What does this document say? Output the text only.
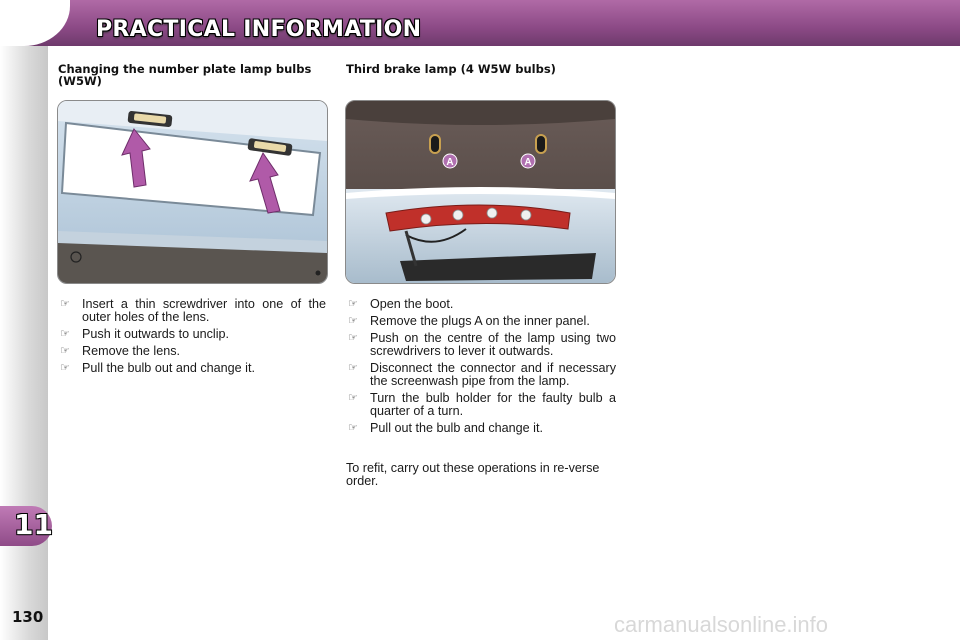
PRACTICAL INFORMATION
11
130
Changing the number plate lamp bulbs (W5W)
☞ Insert a thin screwdriver into one of the outer holes of the lens.
☞ Push it outwards to unclip.
☞ Remove the lens.
☞ Pull the bulb out and change it.
Third brake lamp (4 W5W bulbs)
A	A
☞ Open the boot.
☞ Remove the plugs A on the inner panel.
☞ Push on the centre of the lamp using two screwdrivers to lever it outwards.
☞ Disconnect the connector and if necessary the screenwash pipe from the lamp.
☞ Turn the bulb holder for the faulty bulb a quarter of a turn.
☞ Pull out the bulb and change it.
To refit, carry out these operations in re-verse order.
carmanualsonline.info
